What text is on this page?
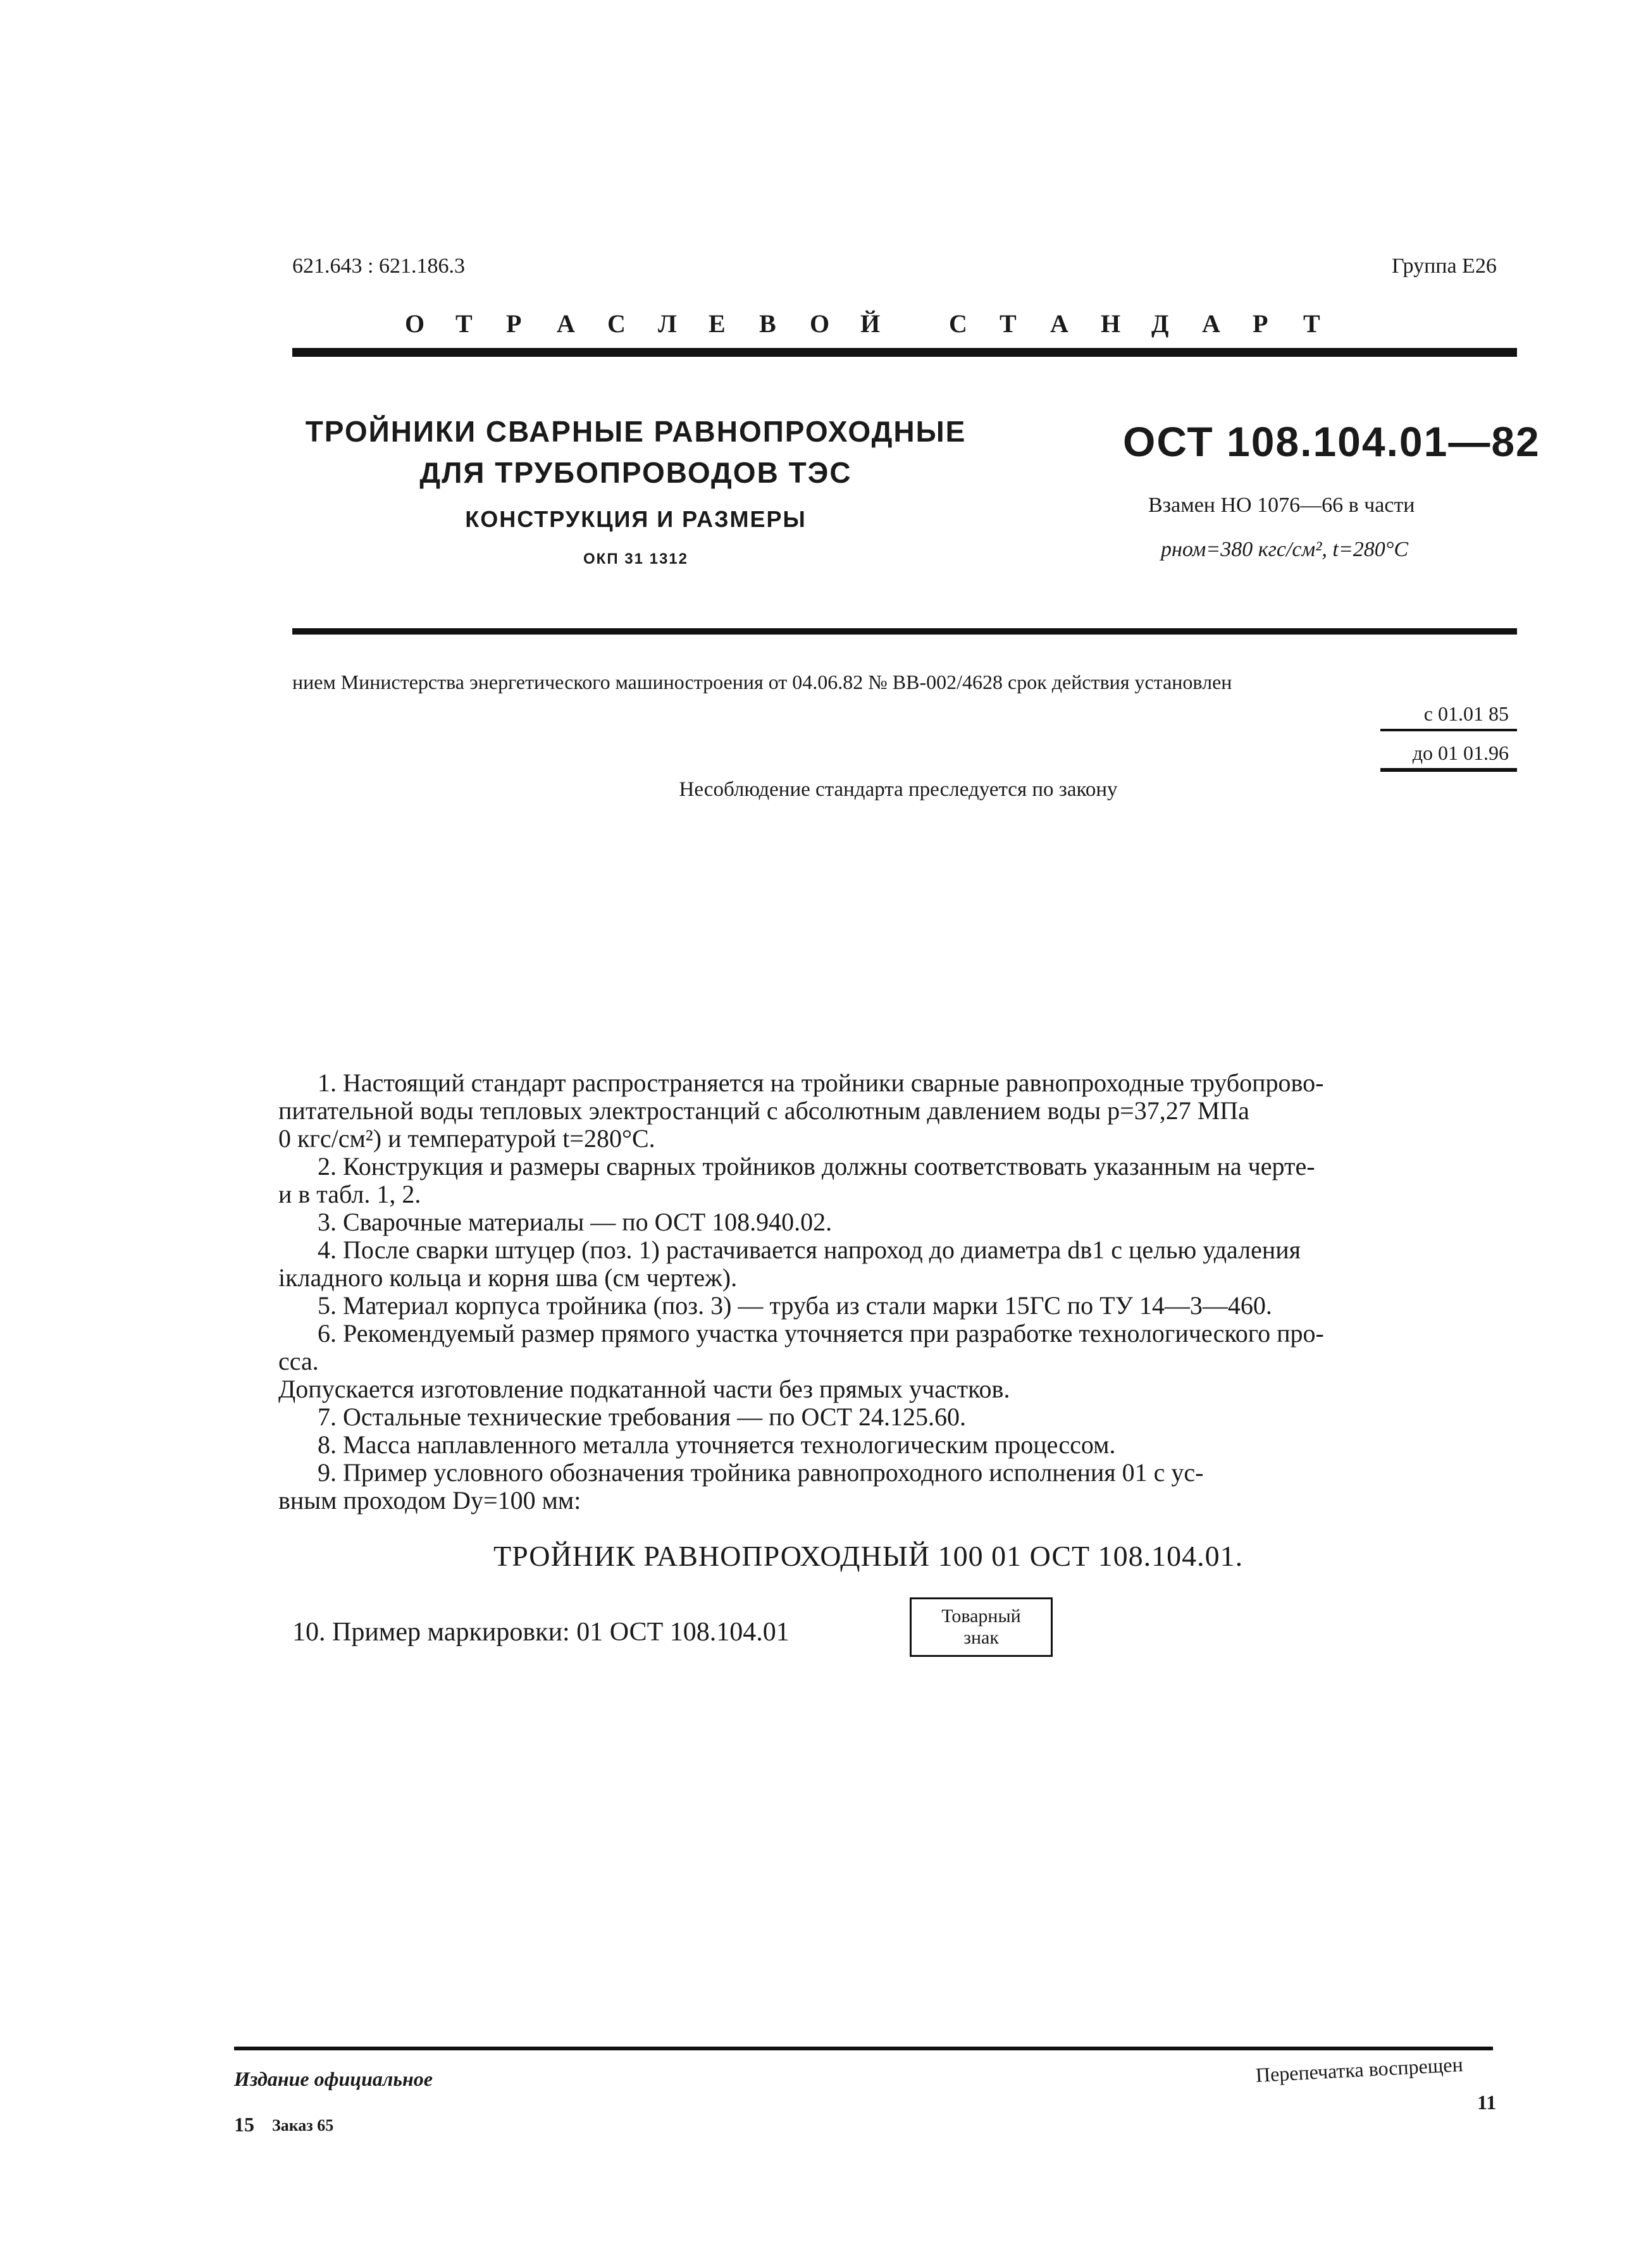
621.643 : 621.186.3	Группа Е26
О Т Р А С Л Е В О Й	С Т А Н Д А Р Т
ТРОЙНИКИ СВАРНЫЕ РАВНОПРОХОДНЫЕ
ДЛЯ ТРУБОПРОВОДОВ ТЭС
КОНСТРУКЦИЯ И РАЗМЕРЫ
ОКП 31 1312
ОСТ 108.104.01—82
Взамен НО 1076—66 в части
pном=380 кгс/см², t=280°C
нием Министерства энергетического машиностроения от 04.06.82 № ВВ-002/4628 срок действия установлен
с 01.01 85
до 01 01.96
Несоблюдение стандарта преследуется по закону

1. Настоящий стандарт распространяется на тройники сварные равнопроходные трубопрово-

питательной воды тепловых электростанций с абсолютным давлением воды p=37,27 МПа

0 кгс/см²) и температурой t=280°С.

2. Конструкция и размеры сварных тройников должны соответствовать указанным на черте-

и в табл. 1, 2.

3. Сварочные материалы — по ОСТ 108.940.02.

4. После сварки штуцер (поз. 1) растачивается напроход до диаметра dв1 с целью удаления

ікладного кольца и корня шва (см чертеж).

5. Материал корпуса тройника (поз. 3) — труба из стали марки 15ГС по ТУ 14—3—460.

6. Рекомендуемый размер прямого участка уточняется при разработке технологического про-

сса.

Допускается изготовление подкатанной части без прямых участков.

7. Остальные технические требования — по ОСТ 24.125.60.

8. Масса наплавленного металла уточняется технологическим процессом.

9. Пример условного обозначения тройника равнопроходного исполнения 01 с ус-

вным проходом Dу=100 мм:

ТРОЙНИК РАВНОПРОХОДНЫЙ 100 01 ОСТ 108.104.01.
10. Пример маркировки: 01 ОСТ 108.104.01
Товарный
знак
Издание официальное	Перепечатка воспрещен
11
15 Заказ 65
